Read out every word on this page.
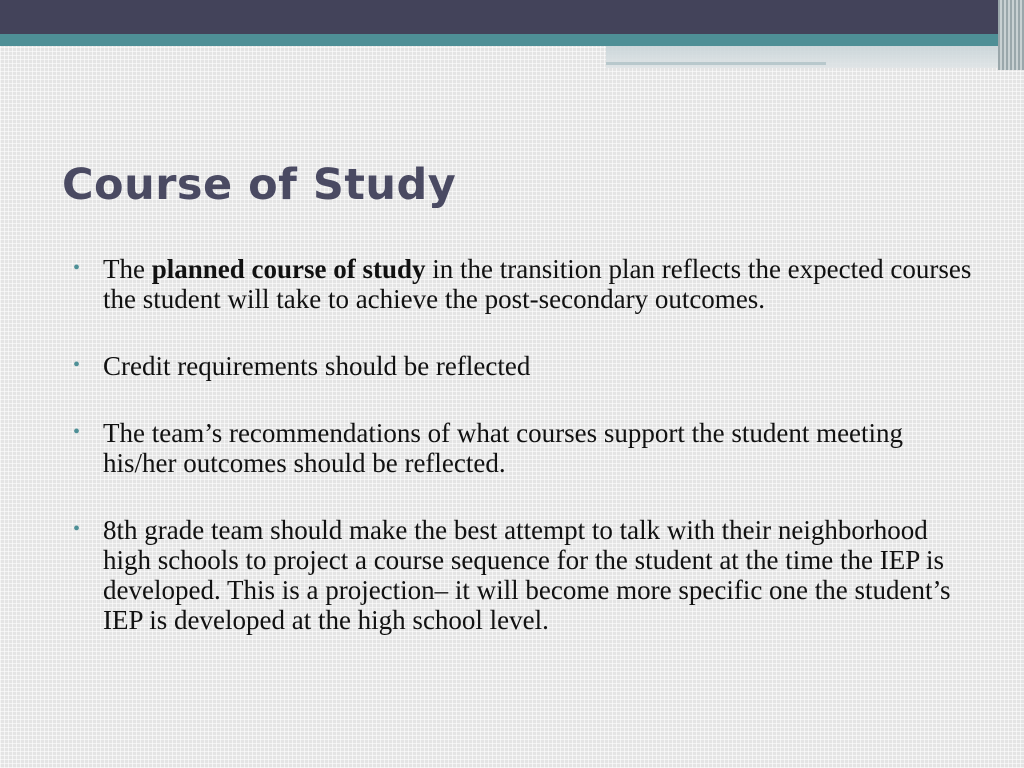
Course of Study
• The planned course of study in the transition plan reflects the expected courses the student will take to achieve the post-secondary outcomes.
• Credit requirements should be reflected
• The team’s recommendations of what courses support the student meeting his/her outcomes should be reflected.
• 8th grade team should make the best attempt to talk with their neighborhood high schools to project a course sequence for the student at the time the IEP is developed. This is a projection– it will become more specific one the student’s IEP is developed at the high school level.
